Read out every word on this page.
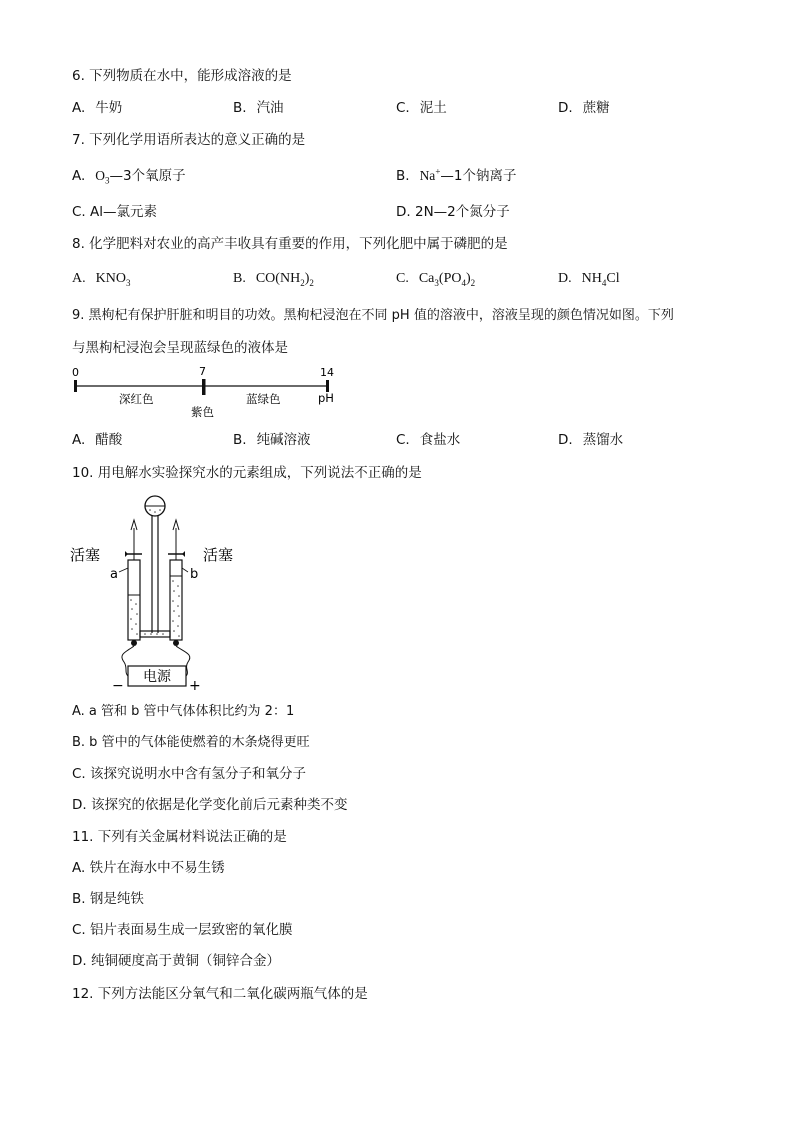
6. 下列物质在水中，能形成溶液的是
A. 牛奶	B. 汽油	C. 泥土	D. 蔗糖
7. 下列化学用语所表达的意义正确的是
A. $O_3—3$个氧原子	B. Na+—1个钠离子
C. Al—氯元素	D. 2N—2个氮分子
8. 化学肥料对农业的高产丰收具有重要的作用，下列化肥中属于磷肥的是
A. $KNO_3$	B. $CO(NH_2)_2$	C. $Ca_3(PO_4)_2$	D. $NH_4Cl$
9. 黑枸杞有保护肝脏和明目的功效。黑枸杞浸泡在不同 pH 值的溶液中，溶液呈现的颜色情况如图。下列
与黑枸杞浸泡会呈现蓝绿色的液体是
0	7	14
深红色
紫色
蓝绿色	pH
A. 醋酸	B. 纯碱溶液	C. 食盐水	D. 蒸馏水
10. 用电解水实验探究水的元素组成，下列说法不正确的是
电源
−	+
活塞	活塞
a	b
A. a 管和 b 管中气体体积比约为 2：1
B. b 管中的气体能使燃着的木条烧得更旺
C. 该探究说明水中含有氢分子和氧分子
D. 该探究的依据是化学变化前后元素种类不变
11. 下列有关金属材料说法正确的是
A. 铁片在海水中不易生锈
B. 钢是纯铁
C. 铝片表面易生成一层致密的氧化膜
D. 纯铜硬度高于黄铜（铜锌合金）
12. 下列方法能区分氧气和二氧化碳两瓶气体的是
